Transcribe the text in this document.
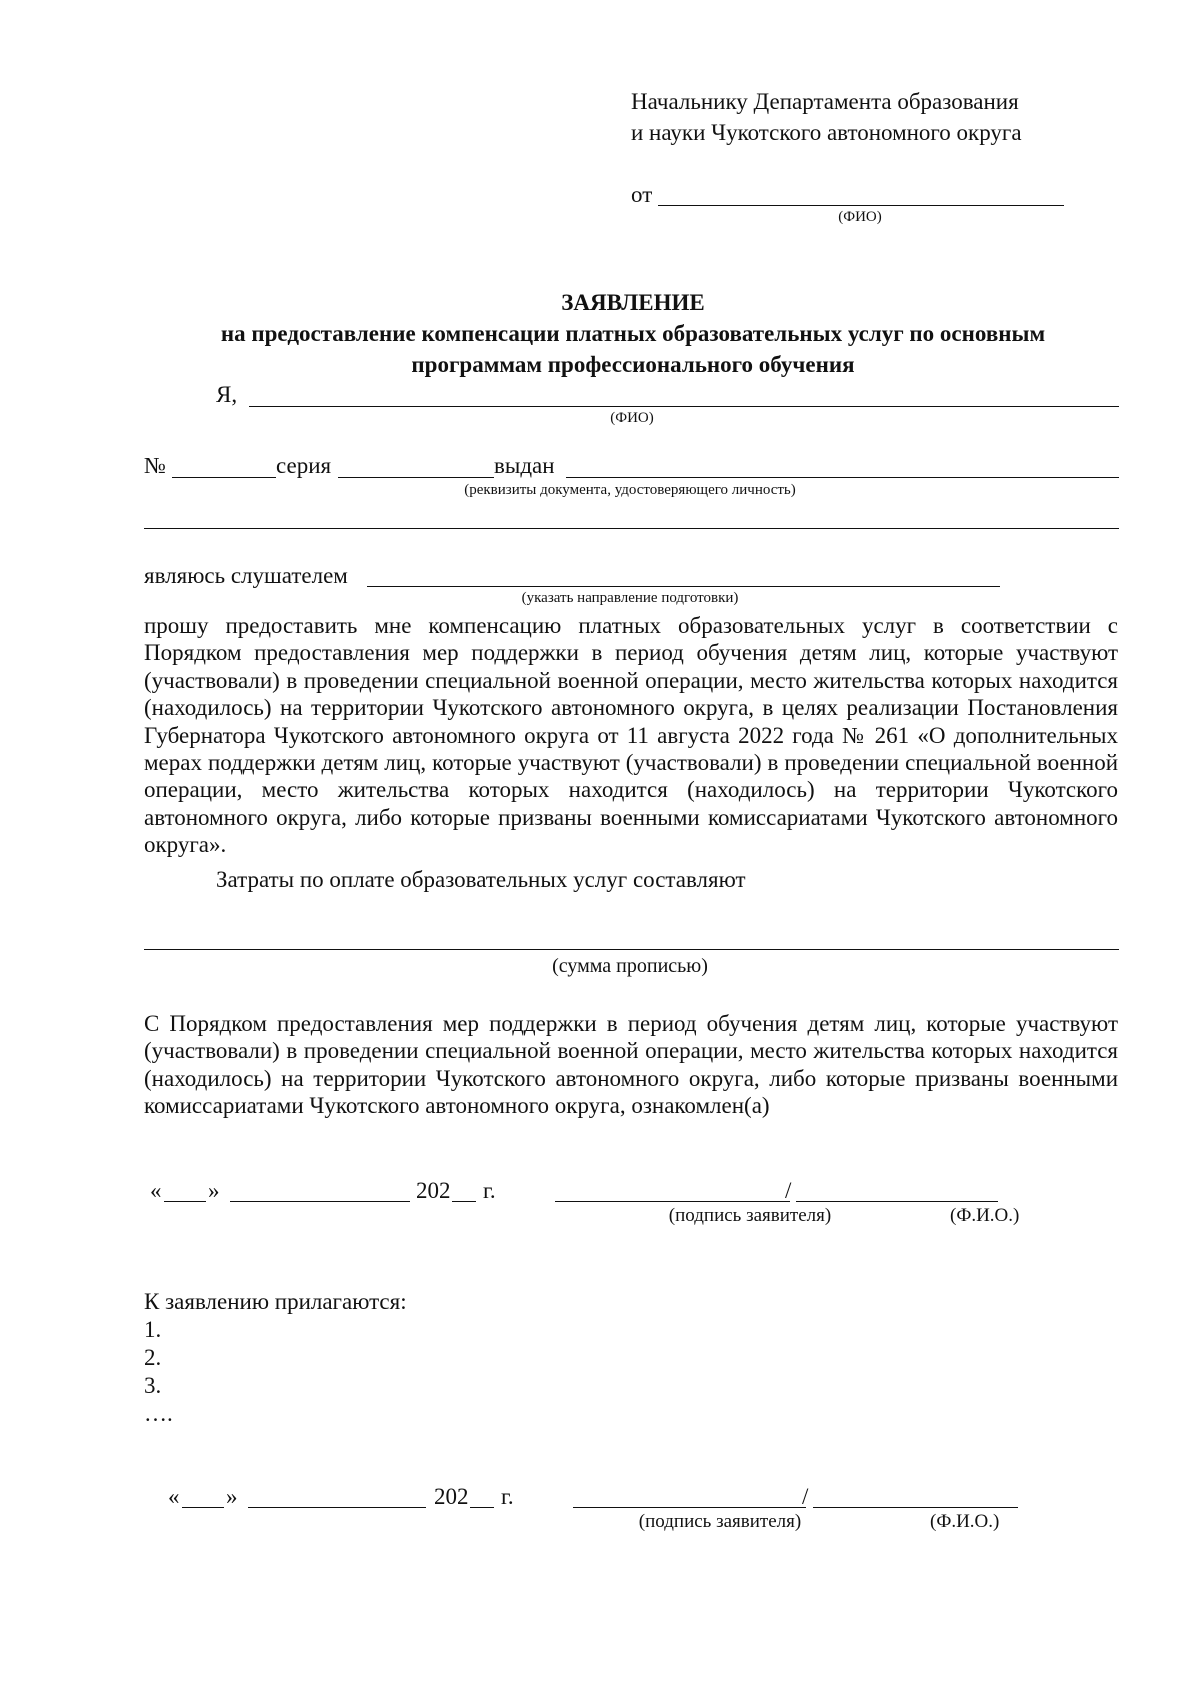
Начальнику Департамента образования
и науки Чукотского автономного округа
от
(ФИО)
ЗАЯВЛЕНИЕ
на предоставление компенсации платных образовательных услуг по основным
программам профессионального обучения
Я,
(ФИО)
№	серия	выдан
(реквизиты документа, удостоверяющего личность)
являюсь слушателем
(указать направление подготовки)
прошу предоставить мне компенсацию платных образовательных услуг в соответствии с Порядком предоставления мер поддержки в период обучения детям лиц, которые участвуют (участвовали) в проведении специальной военной операции, место жительства которых находится (находилось) на территории Чукотского автономного округа, в целях реализации Постановления Губернатора Чукотского автономного округа от 11 августа 2022 года № 261 «О дополнительных мерах поддержки детям лиц, которые участвуют (участвовали) в проведении специальной военной операции, место жительства которых находится (находилось) на территории Чукотского автономного округа, либо которые призваны военными комиссариатами Чукотского автономного округа».
Затраты по оплате образовательных услуг составляют
(сумма прописью)
С Порядком предоставления мер поддержки в период обучения детям лиц, которые участвуют (участвовали) в проведении специальной военной операции, место жительства которых находится (находилось) на территории Чукотского автономного округа, либо которые призваны военными комиссариатами Чукотского автономного округа, ознакомлен(а)
« »	202 г.	/
(подпись заявителя)	(Ф.И.О.)
К заявлению прилагаются:
1.
2.
3.
….
« »	202 г.	/
(подпись заявителя)	(Ф.И.О.)
